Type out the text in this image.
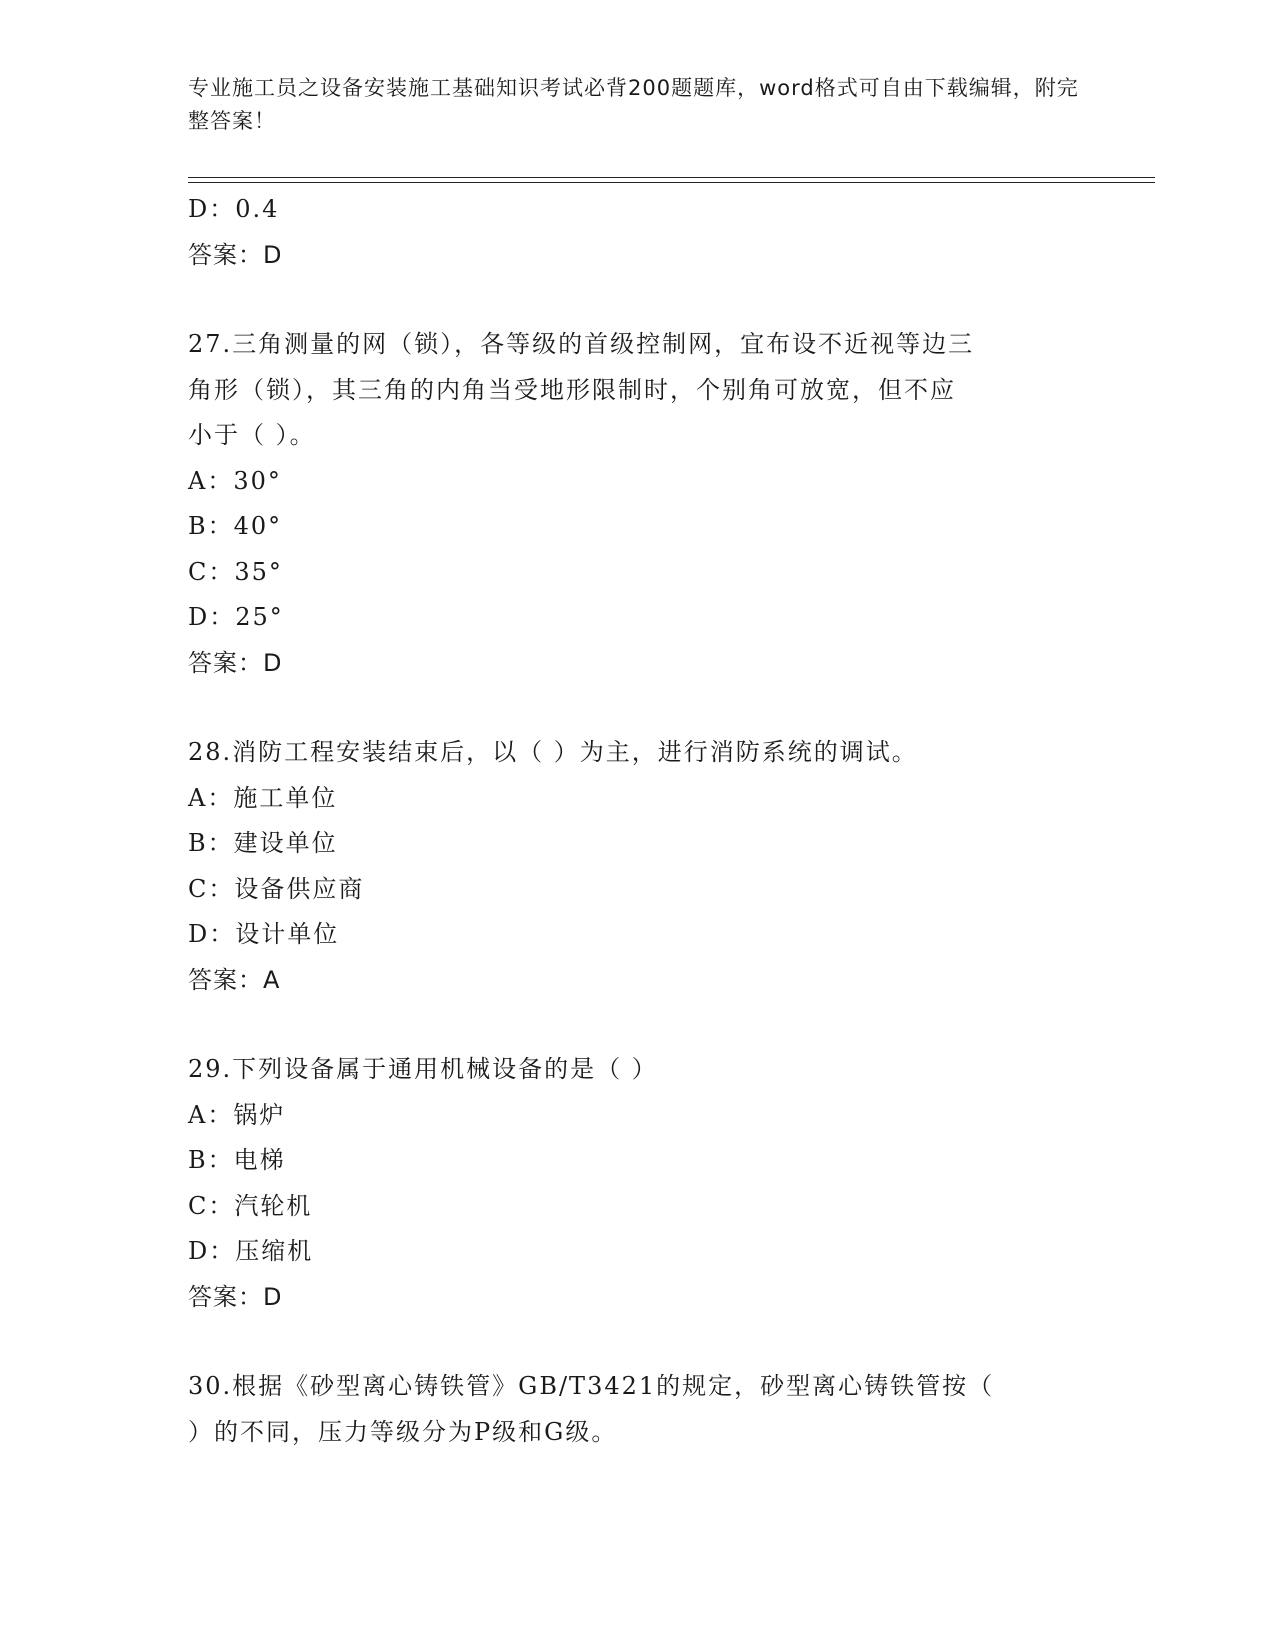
专业施工员之设备安装施工基础知识考试必背200题题库，word格式可自由下载编辑，附完整答案！
D：0.4
答案：D
27.三角测量的网（锁），各等级的首级控制网，宜布设不近视等边三
角形（锁），其三角的内角当受地形限制时，个别角可放宽，但不应
小于（ ）。
A：30°
B：40°
C：35°
D：25°
答案：D
28.消防工程安装结束后，以（ ）为主，进行消防系统的调试。
A：施工单位
B：建设单位
C：设备供应商
D：设计单位
答案：A
29.下列设备属于通用机械设备的是（ ）
A：锅炉
B：电梯
C：汽轮机
D：压缩机
答案：D
30.根据《砂型离心铸铁管》GB/T3421的规定，砂型离心铸铁管按（
）的不同，压力等级分为P级和G级。
